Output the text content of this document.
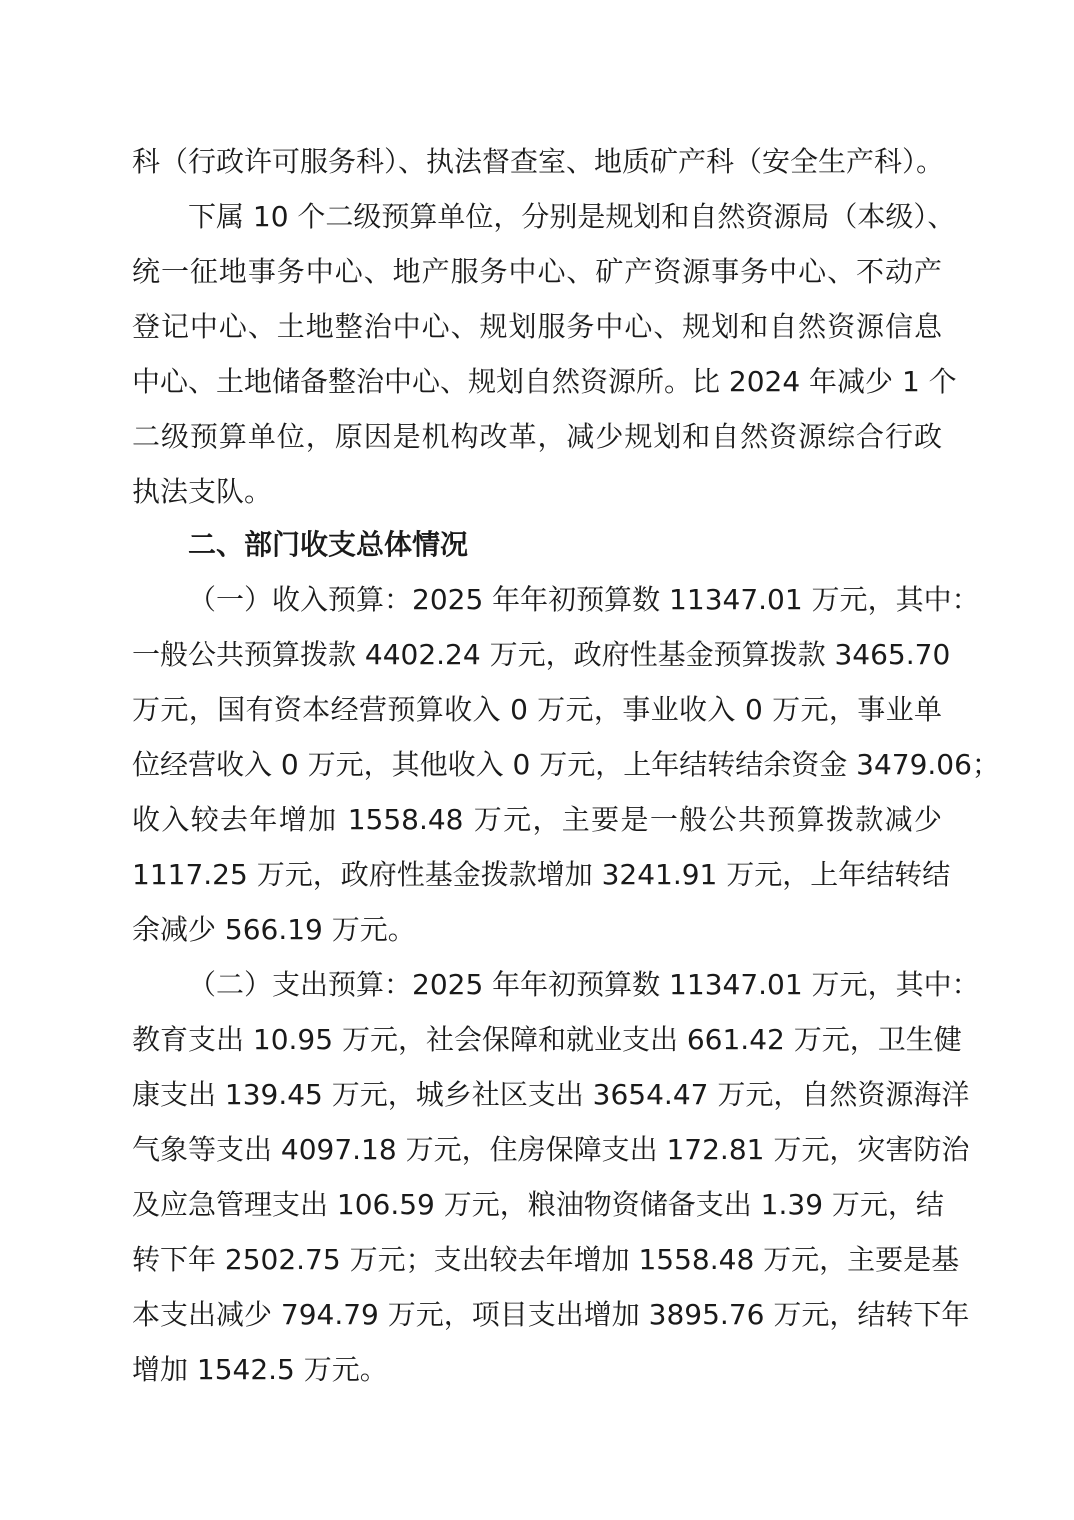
科（行政许可服务科）、执法督查室、地质矿产科（安全生产科）。
下属 10 个二级预算单位，分别是规划和自然资源局（本级）、
统一征地事务中心、地产服务中心、矿产资源事务中心、不动产
登记中心、土地整治中心、规划服务中心、规划和自然资源信息
中心、土地储备整治中心、规划自然资源所。比 2024 年减少 1 个
二级预算单位，原因是机构改革，减少规划和自然资源综合行政
执法支队。
二、部门收支总体情况
（一）收入预算：2025 年年初预算数 11347.01 万元，其中：
一般公共预算拨款 4402.24 万元，政府性基金预算拨款 3465.70
万元，国有资本经营预算收入 0 万元，事业收入 0 万元，事业单
位经营收入 0 万元，其他收入 0 万元，上年结转结余资金 3479.06；
收入较去年增加 1558.48 万元，主要是一般公共预算拨款减少
1117.25 万元，政府性基金拨款增加 3241.91 万元，上年结转结
余减少 566.19 万元。
（二）支出预算：2025 年年初预算数 11347.01 万元，其中：
教育支出 10.95 万元，社会保障和就业支出 661.42 万元，卫生健
康支出 139.45 万元，城乡社区支出 3654.47 万元，自然资源海洋
气象等支出 4097.18 万元，住房保障支出 172.81 万元，灾害防治
及应急管理支出 106.59 万元，粮油物资储备支出 1.39 万元，结
转下年 2502.75 万元；支出较去年增加 1558.48 万元，主要是基
本支出减少 794.79 万元，项目支出增加 3895.76 万元，结转下年
增加 1542.5 万元。
